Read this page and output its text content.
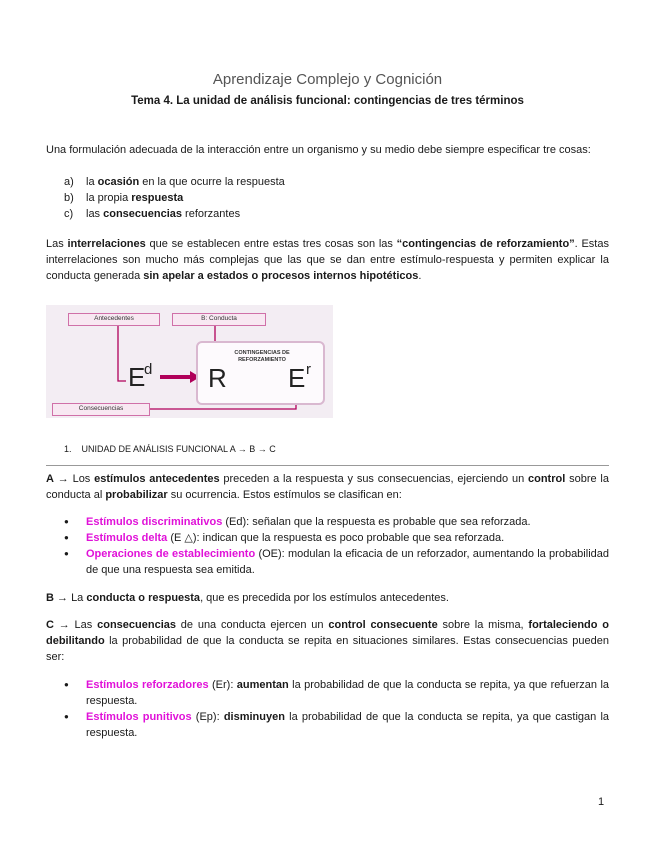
Aprendizaje Complejo y Cognición
Tema 4. La unidad de análisis funcional: contingencias de tres términos
Una formulación adecuada de la interacción entre un organismo y su medio debe siempre especificar tre cosas:
a)	la ocasión en la que ocurre la respuesta
b)	la propia respuesta
c)	las consecuencias reforzantes
Las interrelaciones que se establecen entre estas tres cosas son las “contingencias de reforzamiento”. Estas interrelaciones son mucho más complejas que las que se dan entre estímulo-respuesta y permiten explicar la conducta generada sin apelar a estados o procesos internos hipotéticos.
Antecedentes	B: Conducta
Consecuencias
CONTINGENCIAS DE REFORZAMIENTO
E
d R E r
1. UNIDAD DE ANÁLISIS FUNCIONAL A → B → C
A → Los estímulos antecedentes preceden a la respuesta y sus consecuencias, ejerciendo un control sobre la conducta al probabilizar su ocurrencia. Estos estímulos se clasifican en:
●	Estímulos discriminativos (Ed): señalan que la respuesta es probable que sea reforzada.
●	Estímulos delta (E △): indican que la respuesta es poco probable que sea reforzada.
●	Operaciones de establecimiento (OE): modulan la eficacia de un reforzador, aumentando la probabilidad de que una respuesta sea emitida.
B → La conducta o respuesta, que es precedida por los estímulos antecedentes.
C → Las consecuencias de una conducta ejercen un control consecuente sobre la misma, fortaleciendo o debilitando la probabilidad de que la conducta se repita en situaciones similares. Estas consecuencias pueden ser:
●	Estímulos reforzadores (Er): aumentan la probabilidad de que la conducta se repita, ya que refuerzan la respuesta.
●	Estímulos punitivos (Ep): disminuyen la probabilidad de que la conducta se repita, ya que castigan la respuesta.
1
